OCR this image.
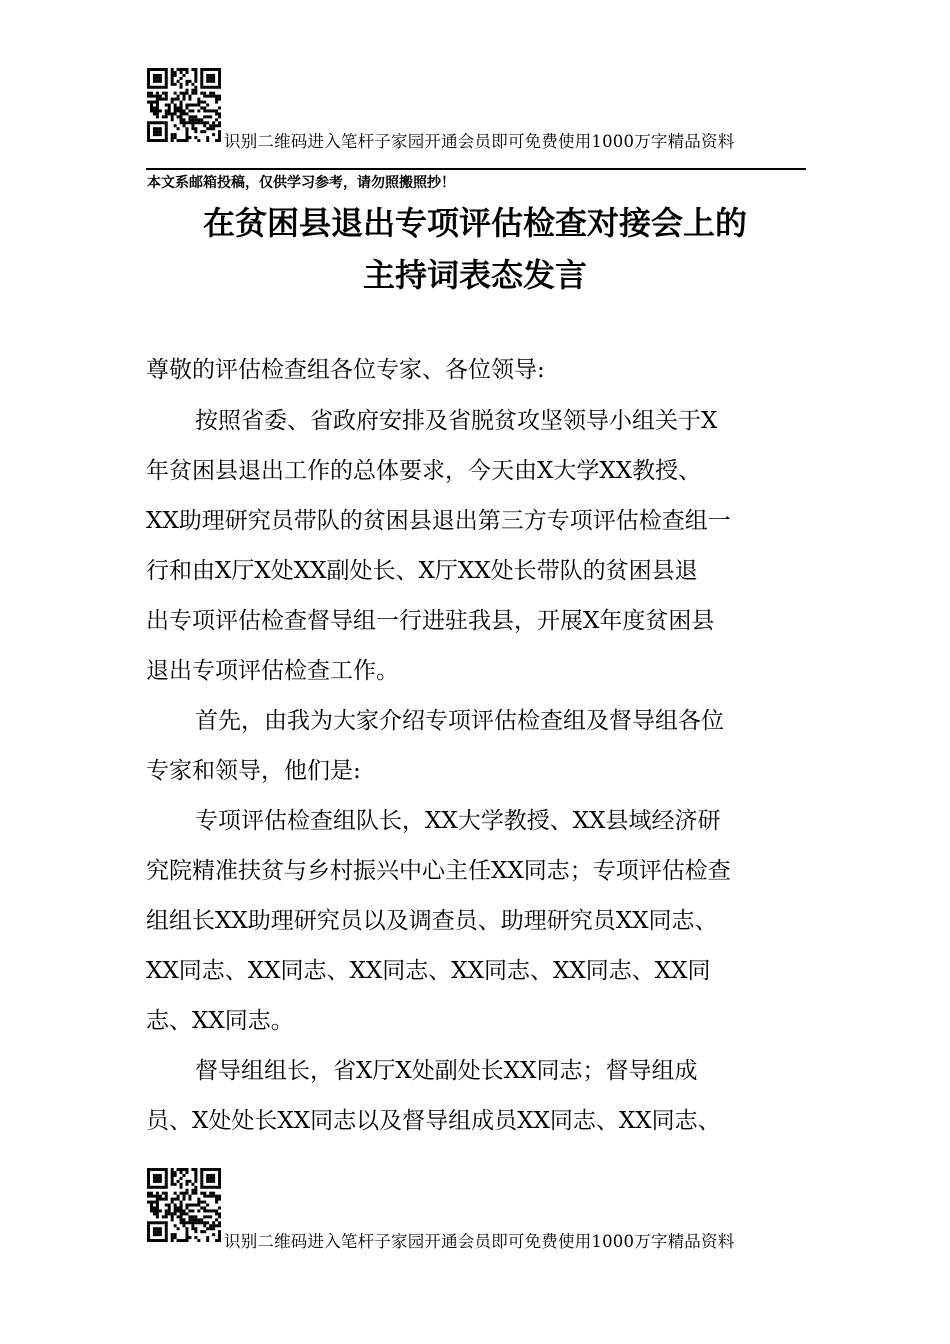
识别二维码进入笔杆子家园开通会员即可免费使用1000万字精品资料
本文系邮箱投稿，仅供学习参考，请勿照搬照抄！
在贫困县退出专项评估检查对接会上的
主持词表态发言
尊敬的评估检查组各位专家、各位领导:
按照省委、省政府安排及省脱贫攻坚领导小组关于X
年贫困县退出工作的总体要求，今天由X大学XX教授、
XX助理研究员带队的贫困县退出第三方专项评估检查组一
行和由X厅X处XX副处长、X厅XX处长带队的贫困县退
出专项评估检查督导组一行进驻我县，开展X年度贫困县
退出专项评估检查工作。
首先，由我为大家介绍专项评估检查组及督导组各位
专家和领导，他们是:
专项评估检查组队长，XX大学教授、XX县域经济研
究院精准扶贫与乡村振兴中心主任XX同志；专项评估检查
组组长XX助理研究员以及调查员、助理研究员XX同志、
XX同志、XX同志、XX同志、XX同志、XX同志、XX同
志、XX同志。
督导组组长，省X厅X处副处长XX同志；督导组成
员、X处处长XX同志以及督导组成员XX同志、XX同志、
识别二维码进入笔杆子家园开通会员即可免费使用1000万字精品资料
